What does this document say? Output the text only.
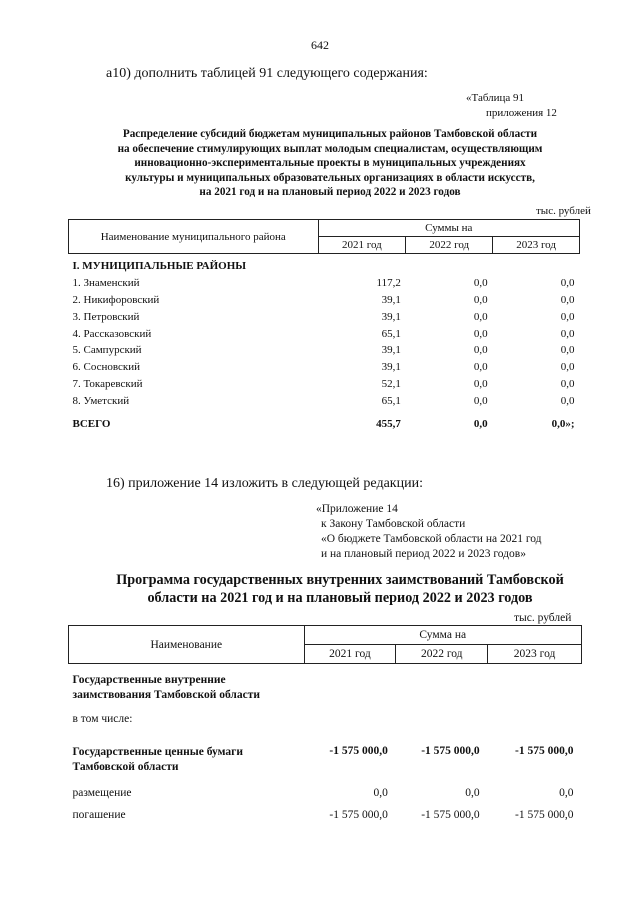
642
а10) дополнить таблицей 91 следующего содержания:
«Таблица 91
приложения 12
Распределение субсидий бюджетам муниципальных районов Тамбовской области
на обеспечение стимулирующих выплат молодым специалистам, осуществляющим
инновационно-экспериментальные проекты в муниципальных учреждениях
культуры и муниципальных образовательных организациях в области искусств,
на 2021 год и на плановый период 2022 и 2023 годов
тыс. рублей
Наименование муниципального района	Суммы на		
	2021 год	2022 год	2023 год
I. МУНИЦИПАЛЬНЫЕ РАЙОНЫ			
1. Знаменский	117,2	0,0	0,0
2. Никифоровский	39,1	0,0	0,0
3. Петровский	39,1	0,0	0,0
4. Рассказовский	65,1	0,0	0,0
5. Сампурский	39,1	0,0	0,0
6. Сосновский	39,1	0,0	0,0
7. Токаревский	52,1	0,0	0,0
8. Уметский	65,1	0,0	0,0
ВСЕГО	455,7	0,0	0,0»;
16) приложение 14 изложить в следующей редакции:
«Приложение 14
к Закону Тамбовской области
«О бюджете Тамбовской области на 2021 год
и на плановый период 2022 и 2023 годов»
Программа государственных внутренних заимствований Тамбовской
области на 2021 год и на плановый период 2022 и 2023 годов
тыс. рублей
Наименование	Сумма на		
	2021 год	2022 год	2023 год
Государственные внутренние заимствования Тамбовской области			
в том числе:			
Государственные ценные бумаги Тамбовской области	-1 575 000,0	-1 575 000,0	-1 575 000,0
размещение	0,0	0,0	0,0
погашение	-1 575 000,0	-1 575 000,0	-1 575 000,0
